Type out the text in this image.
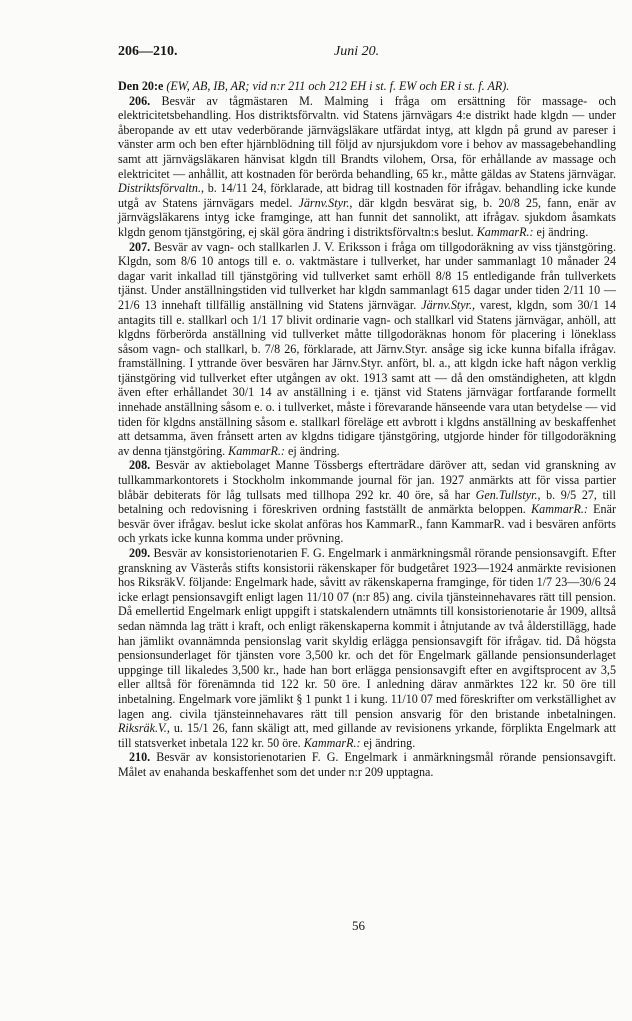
206—210.	Juni 20.

Den 20:e (EW, AB, IB, AR; vid n:r 211 och 212 EH i st. f. EW och ER i st. f. AR).

206. Besvär av tågmästaren M. Malming i fråga om ersättning för massage- och elektricitetsbehandling. Hos distriktsförvaltn. vid Statens järnvägars 4:e distrikt hade klgdn — under åberopande av ett utav vederbörande järnvägsläkare utfärdat intyg, att klgdn på grund av pareser i vänster arm och ben efter hjärnblödning till följd av njursjukdom vore i behov av massagebehandling samt att järnvägsläkaren hänvisat klgdn till Brandts vilohem, Orsa, för erhållande av massage och elektricitet — anhållit, att kostnaden för berörda behandling, 65 kr., måtte gäldas av Statens järnvägar. Distriktsförvaltn., b. 14/11 24, förklarade, att bidrag till kostnaden för ifrågav. behandling icke kunde utgå av Statens järnvägars medel. Järnv.Styr., där klgdn besvärat sig, b. 20/8 25, fann, enär av järnvägsläkarens intyg icke framginge, att han funnit det sannolikt, att ifrågav. sjukdom åsamkats klgdn genom tjänstgöring, ej skäl göra ändring i distriktsförvaltn:s beslut. KammarR.: ej ändring.

207. Besvär av vagn- och stallkarlen J. V. Eriksson i fråga om tillgodoräkning av viss tjänstgöring. Klgdn, som 8/6 10 antogs till e. o. vaktmästare i tullverket, har under sammanlagt 10 månader 24 dagar varit inkallad till tjänstgöring vid tullverket samt erhöll 8/8 15 entledigande från tullverkets tjänst. Under anställningstiden vid tullverket har klgdn sammanlagt 615 dagar under tiden 2/11 10 —21/6 13 innehaft tillfällig anställning vid Statens järnvägar. Järnv.Styr., varest, klgdn, som 30/1 14 antagits till e. stallkarl och 1/1 17 blivit ordinarie vagn- och stallkarl vid Statens järnvägar, anhöll, att klgdns förberörda anställning vid tullverket måtte tillgodoräknas honom för placering i löneklass såsom vagn- och stallkarl, b. 7/8 26, förklarade, att Järnv.Styr. ansåge sig icke kunna bifalla ifrågav. framställning. I yttrande över besvären har Järnv.Styr. anfört, bl. a., att klgdn icke haft någon verklig tjänstgöring vid tullverket efter utgången av okt. 1913 samt att — då den omständigheten, att klgdn även efter erhållandet 30/1 14 av anställning i e. tjänst vid Statens järnvägar fortfarande formellt innehade anställning såsom e. o. i tullverket, måste i förevarande hänseende vara utan betydelse — vid tiden för klgdns anställning såsom e. stallkarl föreläge ett avbrott i klgdns anställning av beskaffenhet att detsamma, även frånsett arten av klgdns tidigare tjänstgöring, utgjorde hinder för tillgodoräkning av denna tjänstgöring. KammarR.: ej ändring.

208. Besvär av aktiebolaget Manne Tössbergs efterträdare däröver att, sedan vid granskning av tullkammarkontorets i Stockholm inkommande journal för jan. 1927 anmärkts att för vissa partier blåbär debiterats för låg tullsats med tillhopa 292 kr. 40 öre, så har Gen.Tullstyr., b. 9/5 27, till betalning och redovisning i föreskriven ordning fastställt de anmärkta beloppen. KammarR.: Enär besvär över ifrågav. beslut icke skolat anföras hos KammarR., fann KammarR. vad i besvären anförts och yrkats icke kunna komma under prövning.

209. Besvär av konsistorienotarien F. G. Engelmark i anmärkningsmål rörande pensionsavgift. Efter granskning av Västerås stifts konsistorii räkenskaper för budgetåret 1923—1924 anmärkte revisionen hos RiksräkV. följande: Engelmark hade, såvitt av räkenskaperna framginge, för tiden 1/7 23—30/6 24 icke erlagt pensionsavgift enligt lagen 11/10 07 (n:r 85) ang. civila tjänsteinnehavares rätt till pension. Då emellertid Engelmark enligt uppgift i statskalendern utnämnts till konsistorienotarie år 1909, alltså sedan nämnda lag trätt i kraft, och enligt räkenskaperna kommit i åtnjutande av två ålderstillägg, hade han jämlikt ovannämnda pensionslag varit skyldig erlägga pensionsavgift för ifrågav. tid. Då högsta pensionsunderlaget för tjänsten vore 3,500 kr. och det för Engelmark gällande pensionsunderlaget uppginge till likaledes 3,500 kr., hade han bort erlägga pensionsavgift efter en avgiftsprocent av 3,5 eller alltså för förenämnda tid 122 kr. 50 öre. I anledning därav anmärktes 122 kr. 50 öre till inbetalning. Engelmark vore jämlikt § 1 punkt 1 i kung. 11/10 07 med föreskrifter om verkställighet av lagen ang. civila tjänsteinnehavares rätt till pension ansvarig för den bristande inbetalningen. Riksräk.V., u. 15/1 26, fann skäligt att, med gillande av revisionens yrkande, förplikta Engelmark att till statsverket inbetala 122 kr. 50 öre. KammarR.: ej ändring.

210. Besvär av konsistorienotarien F. G. Engelmark i anmärkningsmål rörande pensionsavgift. Målet av enahanda beskaffenhet som det under n:r 209 upptagna.

56
